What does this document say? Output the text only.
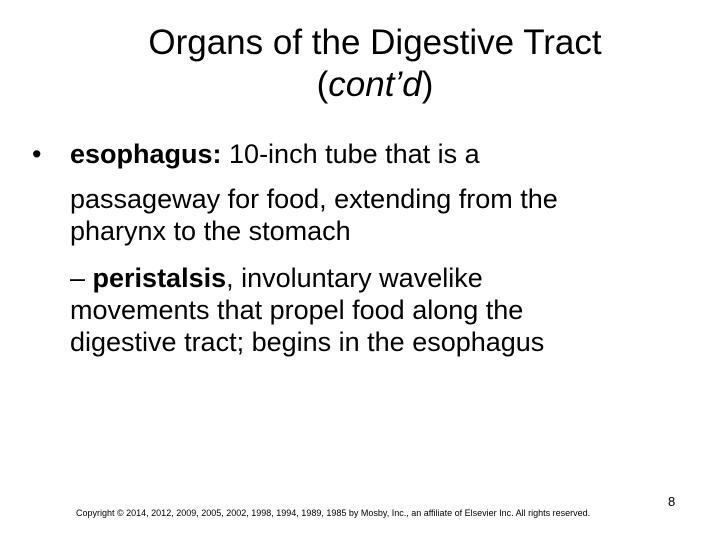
Organs of the Digestive Tract
(cont’d)

• esophagus: 10-inch tube that is a

passageway for food, extending from the
pharynx to the stomach

– peristalsis, involuntary wavelike
movements that propel food along the
digestive tract; begins in the esophagus

Copyright © 2014, 2012, 2009, 2005, 2002, 1998, 1994, 1989, 1985 by Mosby, Inc., an affiliate of Elsevier Inc. All rights reserved.
8
